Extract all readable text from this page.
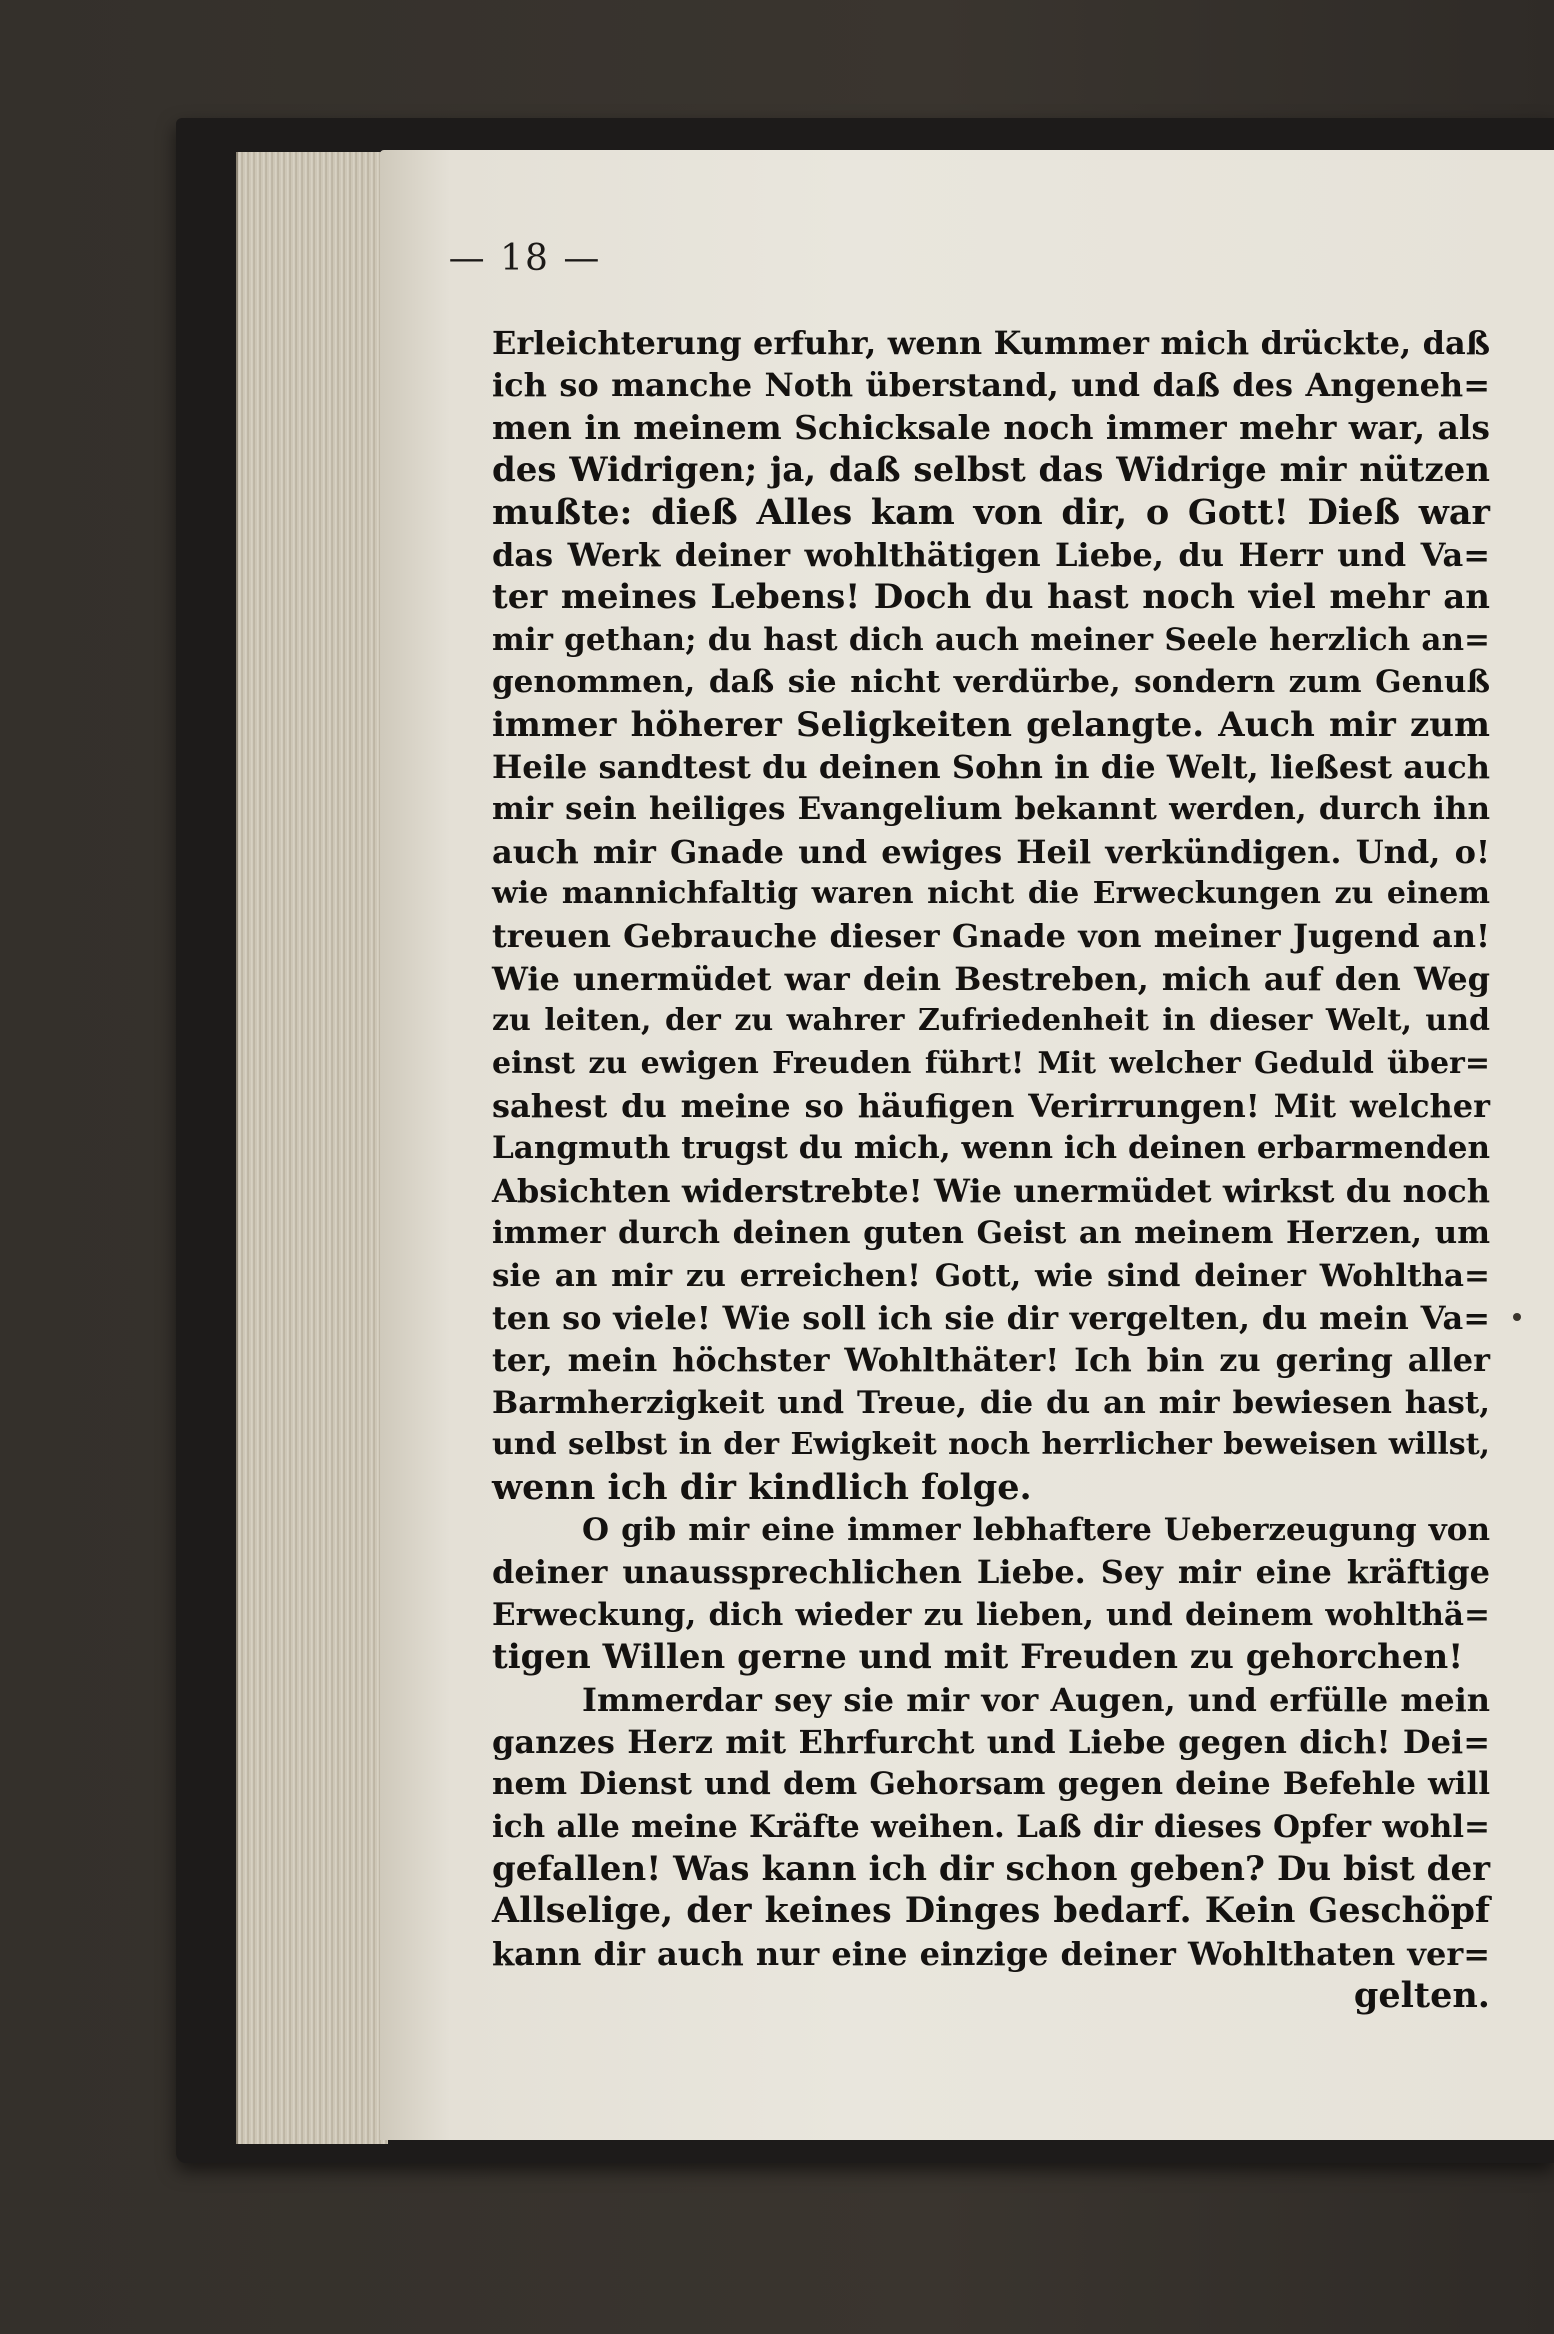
— 18 —
Erleichterung erfuhr, wenn Kummer mich drückte, daß
ich so manche Noth überstand, und daß des Angeneh=
men in meinem Schicksale noch immer mehr war, als
des Widrigen; ja, daß selbst das Widrige mir nützen
mußte: dieß Alles kam von dir, o Gott! Dieß war
das Werk deiner wohlthätigen Liebe, du Herr und Va=
ter meines Lebens! Doch du hast noch viel mehr an
mir gethan; du hast dich auch meiner Seele herzlich an=
genommen, daß sie nicht verdürbe, sondern zum Genuß
immer höherer Seligkeiten gelangte. Auch mir zum
Heile sandtest du deinen Sohn in die Welt, ließest auch
mir sein heiliges Evangelium bekannt werden, durch ihn
auch mir Gnade und ewiges Heil verkündigen. Und, o!
wie mannichfaltig waren nicht die Erweckungen zu einem
treuen Gebrauche dieser Gnade von meiner Jugend an!
Wie unermüdet war dein Bestreben, mich auf den Weg
zu leiten, der zu wahrer Zufriedenheit in dieser Welt, und
einst zu ewigen Freuden führt! Mit welcher Geduld über=
sahest du meine so häufigen Verirrungen! Mit welcher
Langmuth trugst du mich, wenn ich deinen erbarmenden
Absichten widerstrebte! Wie unermüdet wirkst du noch
immer durch deinen guten Geist an meinem Herzen, um
sie an mir zu erreichen! Gott, wie sind deiner Wohltha=
ten so viele! Wie soll ich sie dir vergelten, du mein Va=
ter, mein höchster Wohlthäter! Ich bin zu gering aller
Barmherzigkeit und Treue, die du an mir bewiesen hast,
und selbst in der Ewigkeit noch herrlicher beweisen willst,
wenn ich dir kindlich folge.
O gib mir eine immer lebhaftere Ueberzeugung von
deiner unaussprechlichen Liebe. Sey mir eine kräftige
Erweckung, dich wieder zu lieben, und deinem wohlthä=
tigen Willen gerne und mit Freuden zu gehorchen!
Immerdar sey sie mir vor Augen, und erfülle mein
ganzes Herz mit Ehrfurcht und Liebe gegen dich! Dei=
nem Dienst und dem Gehorsam gegen deine Befehle will
ich alle meine Kräfte weihen. Laß dir dieses Opfer wohl=
gefallen! Was kann ich dir schon geben? Du bist der
Allselige, der keines Dinges bedarf. Kein Geschöpf
kann dir auch nur eine einzige deiner Wohlthaten ver=
gelten.
